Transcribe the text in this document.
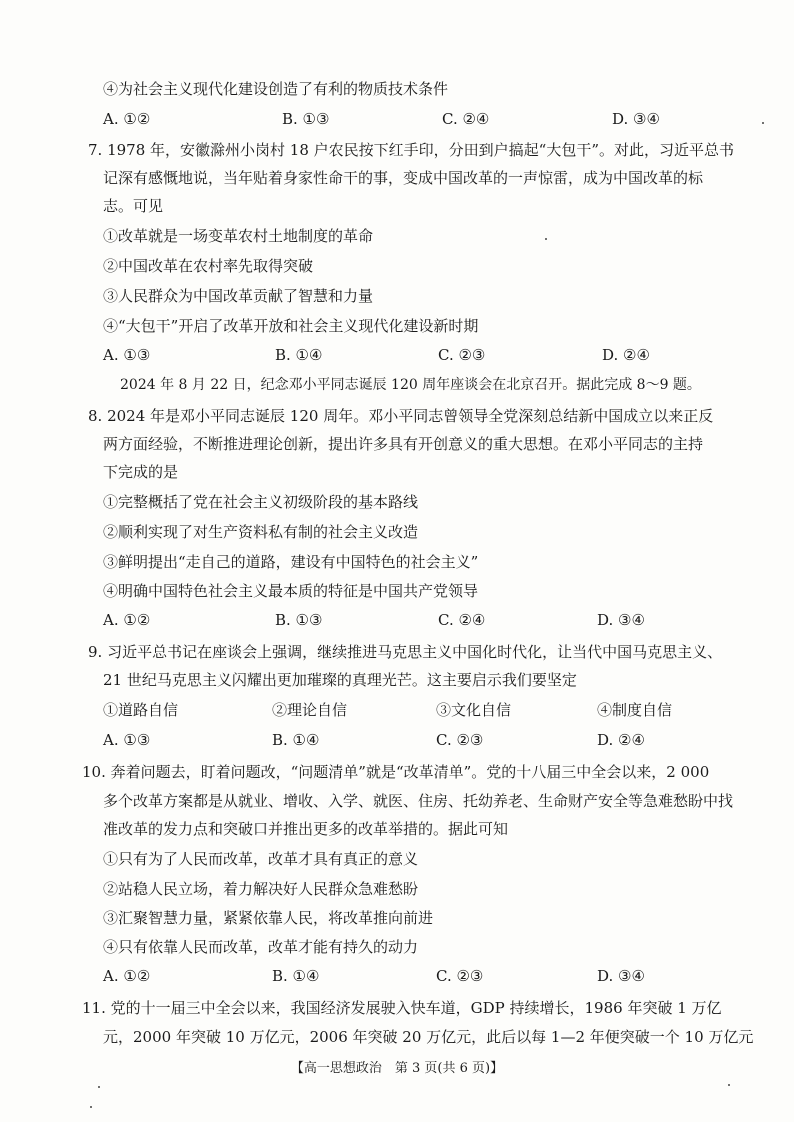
④为社会主义现代化建设创造了有利的物质技术条件
A. ①②	B. ①③	C. ②④	D. ③④
7. 1978 年，安徽滁州小岗村 18 户农民按下红手印，分田到户搞起“大包干”。对此，习近平总书
记深有感慨地说，当年贴着身家性命干的事，变成中国改革的一声惊雷，成为中国改革的标
志。可见
①改革就是一场变革农村土地制度的革命
②中国改革在农村率先取得突破
③人民群众为中国改革贡献了智慧和力量
④“大包干”开启了改革开放和社会主义现代化建设新时期
A. ①③	B. ①④	C. ②③	D. ②④
2024 年 8 月 22 日，纪念邓小平同志诞辰 120 周年座谈会在北京召开。据此完成 8～9 题。
8. 2024 年是邓小平同志诞辰 120 周年。邓小平同志曾领导全党深刻总结新中国成立以来正反
两方面经验，不断推进理论创新，提出许多具有开创意义的重大思想。在邓小平同志的主持
下完成的是
①完整概括了党在社会主义初级阶段的基本路线
②顺利实现了对生产资料私有制的社会主义改造
③鲜明提出“走自己的道路，建设有中国特色的社会主义”
④明确中国特色社会主义最本质的特征是中国共产党领导
A. ①②	B. ①③	C. ②④	D. ③④
9. 习近平总书记在座谈会上强调，继续推进马克思主义中国化时代化，让当代中国马克思主义、
21 世纪马克思主义闪耀出更加璀璨的真理光芒。这主要启示我们要坚定
①道路自信	②理论自信	③文化自信	④制度自信
A. ①③	B. ①④	C. ②③	D. ②④
10. 奔着问题去，盯着问题改，“问题清单”就是“改革清单”。党的十八届三中全会以来，2 000
多个改革方案都是从就业、增收、入学、就医、住房、托幼养老、生命财产安全等急难愁盼中找
准改革的发力点和突破口并推出更多的改革举措的。据此可知
①只有为了人民而改革，改革才具有真正的意义
②站稳人民立场，着力解决好人民群众急难愁盼
③汇聚智慧力量，紧紧依靠人民，将改革推向前进
④只有依靠人民而改革，改革才能有持久的动力
A. ①②	B. ①④	C. ②③	D. ③④
11. 党的十一届三中全会以来，我国经济发展驶入快车道，GDP 持续增长，1986 年突破 1 万亿
元，2000 年突破 10 万亿元，2006 年突破 20 万亿元，此后以每 1—2 年便突破一个 10 万亿元
【高一思想政治　第 3 页(共 6 页)】
